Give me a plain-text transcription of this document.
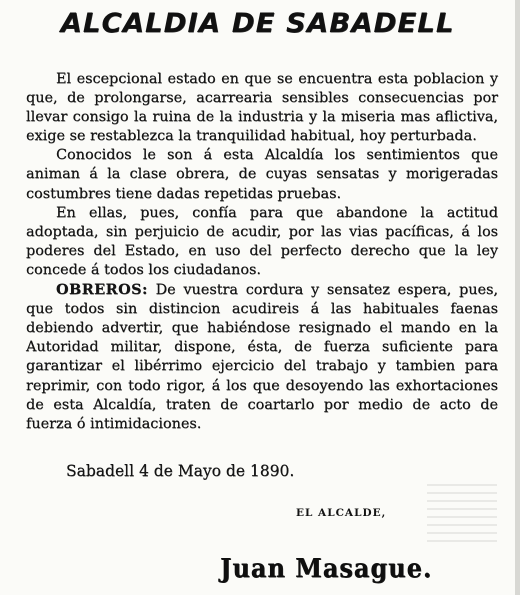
ALCALDIA DE SABADELL

El escepcional estado en que se encuentra esta poblacion y que, de prolongarse, acarrearia sensibles consecuencias por llevar consigo la ruina de la industria y la miseria mas aflictiva, exige se restablezca la tranquilidad habitual, hoy perturbada.

Conocidos le son á esta Alcaldía los sentimientos que animan á la clase obrera, de cuyas sensatas y morigeradas costumbres tiene dadas repetidas pruebas.

En ellas, pues, confía para que abandone la actitud adoptada, sin perjuicio de acudir, por las vias pacíficas, á los poderes del Estado, en uso del perfecto derecho que la ley concede á todos los ciudadanos.

OBREROS: De vuestra cordura y sensatez espera, pues, que todos sin distincion acudireis á las habituales faenas debiendo advertir, que habiéndose resignado el mando en la Autoridad militar, dispone, ésta, de fuerza suficiente para garantizar el libérrimo ejercicio del trabajo y tambien para reprimir, con todo rigor, á los que desoyendo las exhortaciones de esta Alcaldía, traten de coartarlo por medio de acto de fuerza ó intimidaciones.

Sabadell 4 de Mayo de 1890.
EL ALCALDE,
Juan Masague.
